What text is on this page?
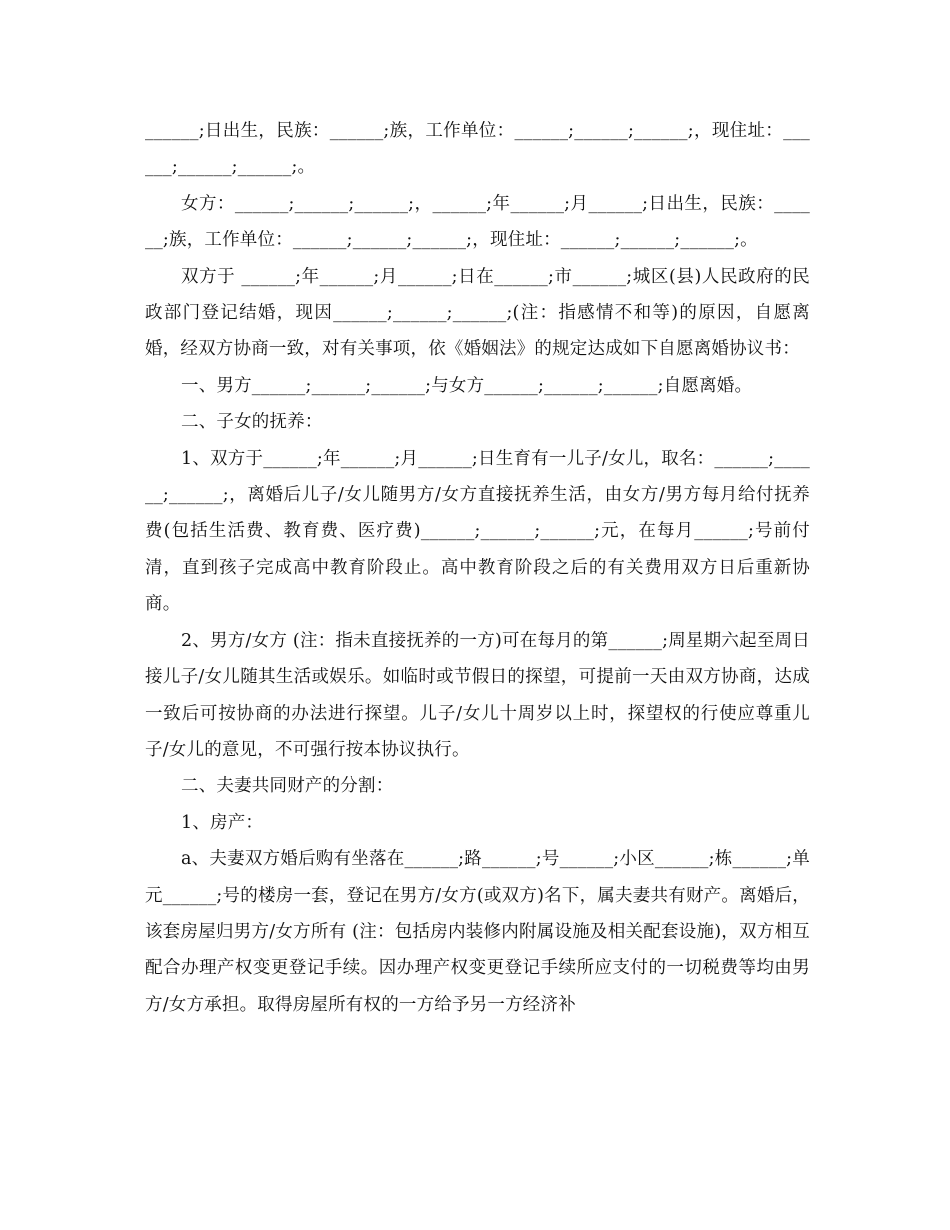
______;日出生，民族：______;族，工作单位：______;______;______;，现住址：______;______;______;。

女方：______;______;______;，______;年______;月______;日出生，民族：______;族，工作单位：______;______;______;，现住址：______;______;______;。

双方于 ______;年______;月______;日在______;市______;城区(县)人民政府的民政部门登记结婚，现因______;______;______;(注：指感情不和等)的原因，自愿离婚，经双方协商一致，对有关事项，依《婚姻法》的规定达成如下自愿离婚协议书：

一、男方______;______;______;与女方______;______;______;自愿离婚。

二、子女的抚养：

1、双方于______;年______;月______;日生育有一儿子/女儿，取名：______;______;______;，离婚后儿子/女儿随男方/女方直接抚养生活，由女方/男方每月给付抚养费(包括生活费、教育费、医疗费)______;______;______;元，在每月______;号前付清，直到孩子完成高中教育阶段止。高中教育阶段之后的有关费用双方日后重新协商。

2、男方/女方 (注：指未直接抚养的一方)可在每月的第______;周星期六起至周日接儿子/女儿随其生活或娱乐。如临时或节假日的探望，可提前一天由双方协商，达成一致后可按协商的办法进行探望。儿子/女儿十周岁以上时，探望权的行使应尊重儿子/女儿的意见，不可强行按本协议执行。

二、夫妻共同财产的分割：

1、房产：

a、夫妻双方婚后购有坐落在______;路______;号______;小区______;栋______;单元______;号的楼房一套，登记在男方/女方(或双方)名下，属夫妻共有财产。离婚后，该套房屋归男方/女方所有 (注：包括房内装修内附属设施及相关配套设施)，双方相互配合办理产权变更登记手续。因办理产权变更登记手续所应支付的一切税费等均由男方/女方承担。取得房屋所有权的一方给予另一方经济补
